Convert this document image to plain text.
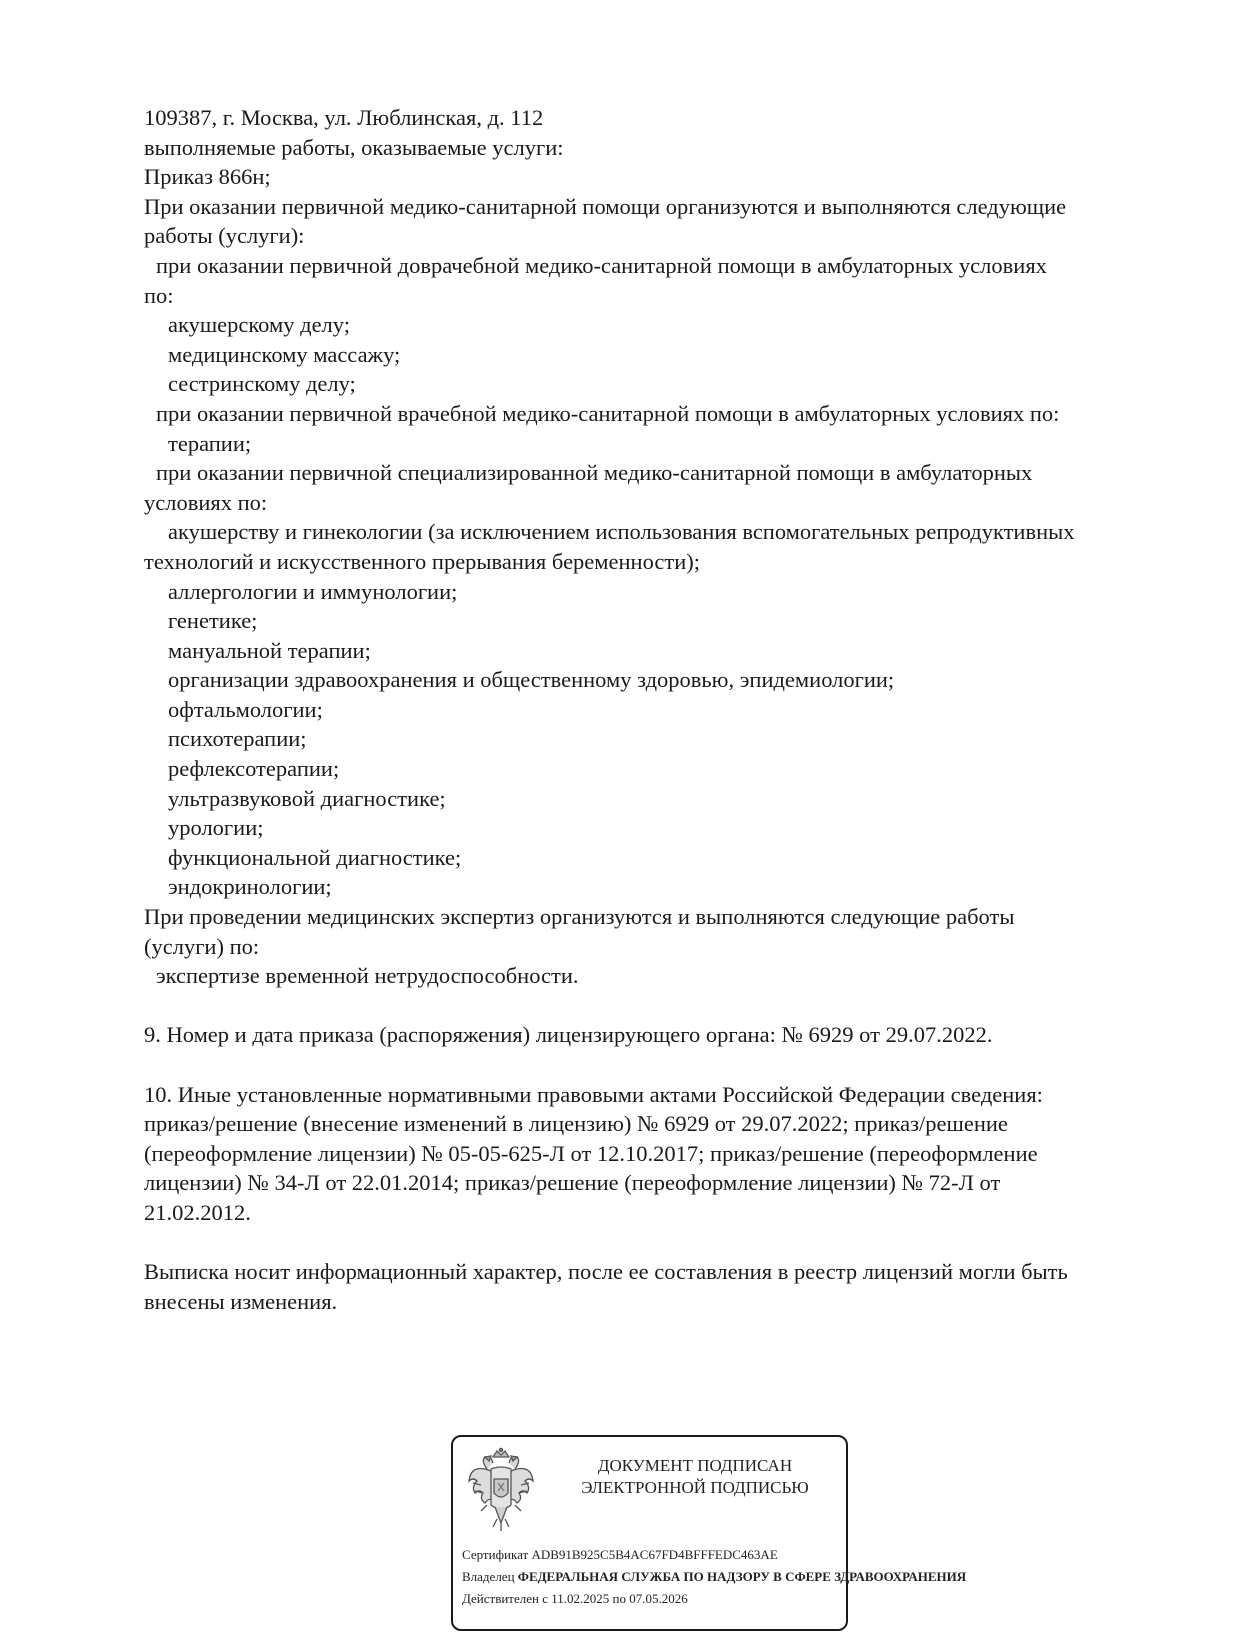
109387, г. Москва, ул. Люблинская, д. 112
выполняемые работы, оказываемые услуги:
Приказ 866н;
При оказании первичной медико-санитарной помощи организуются и выполняются следующие
работы (услуги):
при оказании первичной доврачебной медико-санитарной помощи в амбулаторных условиях
по:
акушерскому делу;
медицинскому массажу;
сестринскому делу;
при оказании первичной врачебной медико-санитарной помощи в амбулаторных условиях по:
терапии;
при оказании первичной специализированной медико-санитарной помощи в амбулаторных
условиях по:
акушерству и гинекологии (за исключением использования вспомогательных репродуктивных
технологий и искусственного прерывания беременности);
аллергологии и иммунологии;
генетике;
мануальной терапии;
организации здравоохранения и общественному здоровью, эпидемиологии;
офтальмологии;
психотерапии;
рефлексотерапии;
ультразвуковой диагностике;
урологии;
функциональной диагностике;
эндокринологии;
При проведении медицинских экспертиз организуются и выполняются следующие работы
(услуги) по:
экспертизе временной нетрудоспособности.
9. Номер и дата приказа (распоряжения) лицензирующего органа: № 6929 от 29.07.2022.
10. Иные установленные нормативными правовыми актами Российской Федерации сведения:
приказ/решение (внесение изменений в лицензию) № 6929 от 29.07.2022; приказ/решение
(переоформление лицензии) № 05-05-625-Л от 12.10.2017; приказ/решение (переоформление
лицензии) № 34-Л от 22.01.2014; приказ/решение (переоформление лицензии) № 72-Л от
21.02.2012.
Выписка носит информационный характер, после ее составления в реестр лицензий могли быть
внесены изменения.
ДОКУМЕНТ ПОДПИСАН
ЭЛЕКТРОННОЙ ПОДПИСЬЮ
Сертификат ADB91B925C5B4AC67FD4BFFFEDC463AE
Владелец ФЕДЕРАЛЬНАЯ СЛУЖБА ПО НАДЗОРУ В СФЕРЕ ЗДРАВООХРАНЕНИЯ
Действителен с 11.02.2025 по 07.05.2026
